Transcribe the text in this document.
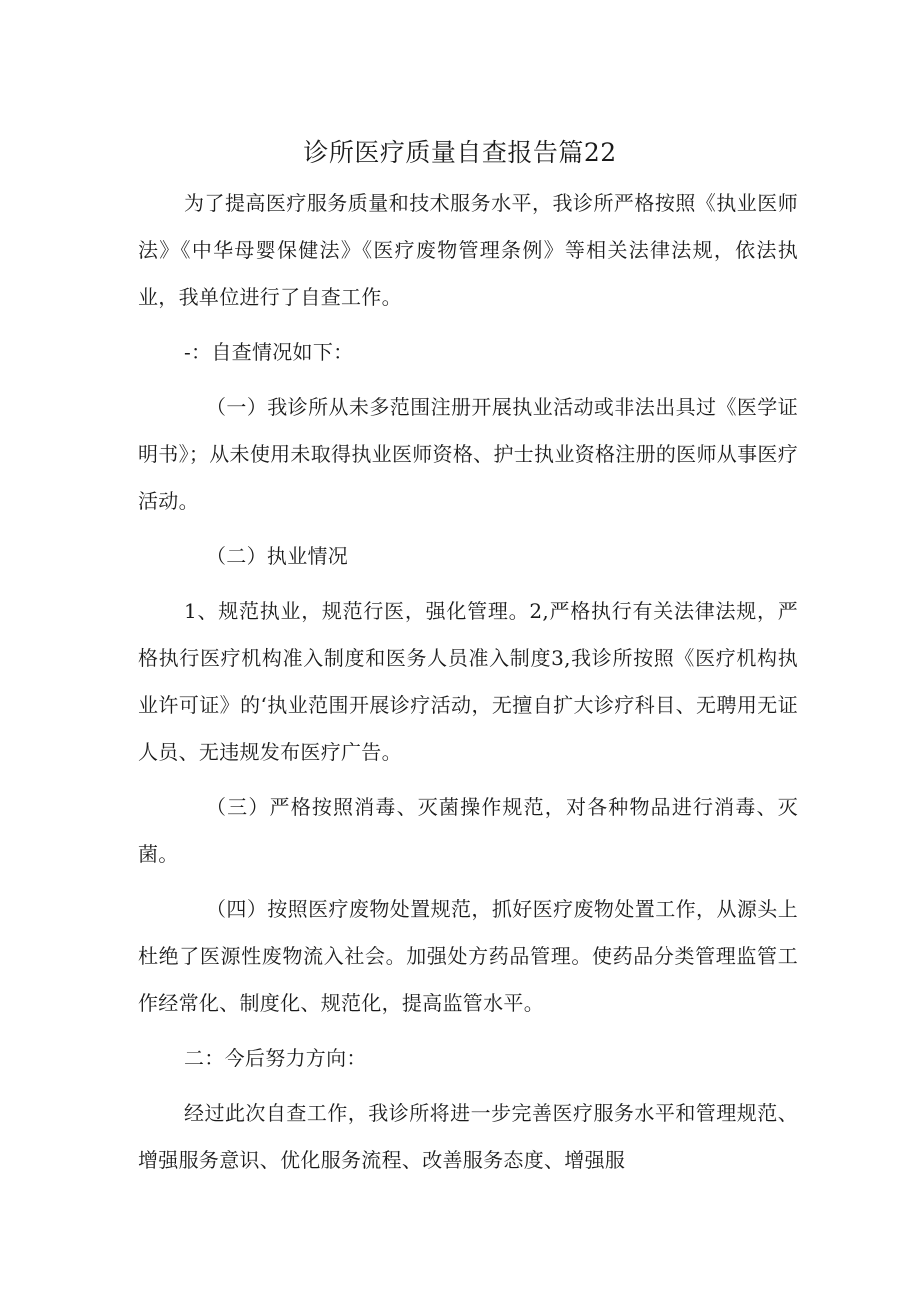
诊所医疗质量自查报告篇22

为了提高医疗服务质量和技术服务水平，我诊所严格按照《执业医师法》《中华母婴保健法》《医疗废物管理条例》等相关法律法规，依法执业，我单位进行了自查工作。

-：自查情况如下：

（一）我诊所从未多范围注册开展执业活动或非法出具过《医学证明书》；从未使用未取得执业医师资格、护士执业资格注册的医师从事医疗活动。

（二）执业情况

1、规范执业，规范行医，强化管理。2,严格执行有关法律法规，严格执行医疗机构准入制度和医务人员准入制度3,我诊所按照《医疗机构执业许可证》的‘执业范围开展诊疗活动，无擅自扩大诊疗科目、无聘用无证人员、无违规发布医疗广告。

（三）严格按照消毒、灭菌操作规范，对各种物品进行消毒、灭菌。

（四）按照医疗废物处置规范，抓好医疗废物处置工作，从源头上杜绝了医源性废物流入社会。加强处方药品管理。使药品分类管理监管工作经常化、制度化、规范化，提高监管水平。

二：今后努力方向：

经过此次自查工作，我诊所将进一步完善医疗服务水平和管理规范、增强服务意识、优化服务流程、改善服务态度、增强服
